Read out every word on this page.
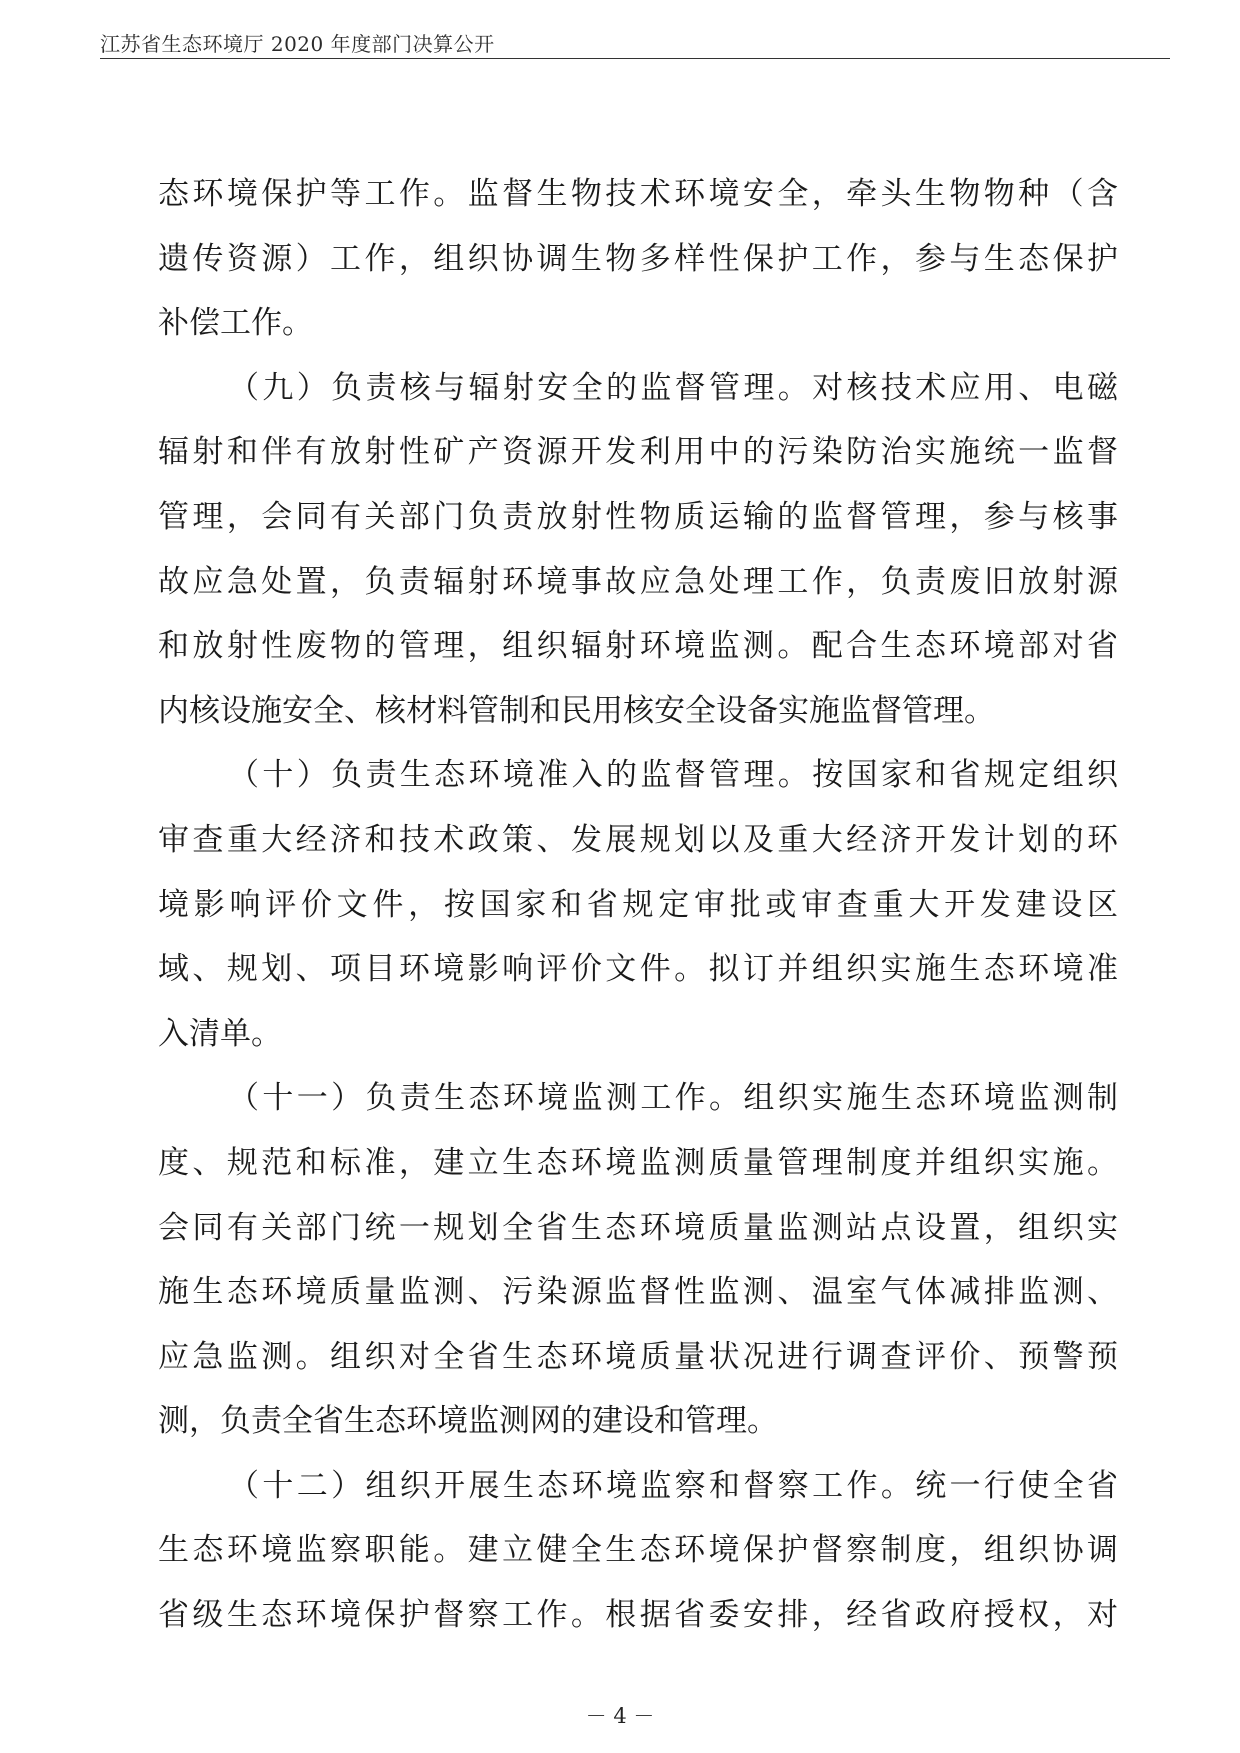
江苏省生态环境厅 2020 年度部门决算公开

态环境保护等工作。监督生物技术环境安全，牵头生物物种（含
遗传资源）工作，组织协调生物多样性保护工作，参与生态保护
补偿工作。

（九）负责核与辐射安全的监督管理。对核技术应用、电磁
辐射和伴有放射性矿产资源开发利用中的污染防治实施统一监督
管理，会同有关部门负责放射性物质运输的监督管理，参与核事
故应急处置，负责辐射环境事故应急处理工作，负责废旧放射源
和放射性废物的管理，组织辐射环境监测。配合生态环境部对省
内核设施安全、核材料管制和民用核安全设备实施监督管理。

（十）负责生态环境准入的监督管理。按国家和省规定组织
审查重大经济和技术政策、发展规划以及重大经济开发计划的环
境影响评价文件，按国家和省规定审批或审查重大开发建设区
域、规划、项目环境影响评价文件。拟订并组织实施生态环境准
入清单。

（十一）负责生态环境监测工作。组织实施生态环境监测制
度、规范和标准，建立生态环境监测质量管理制度并组织实施。
会同有关部门统一规划全省生态环境质量监测站点设置，组织实
施生态环境质量监测、污染源监督性监测、温室气体减排监测、
应急监测。组织对全省生态环境质量状况进行调查评价、预警预
测，负责全省生态环境监测网的建设和管理。

（十二）组织开展生态环境监察和督察工作。统一行使全省
生态环境监察职能。建立健全生态环境保护督察制度，组织协调
省级生态环境保护督察工作。根据省委安排，经省政府授权，对

－ 4 －
